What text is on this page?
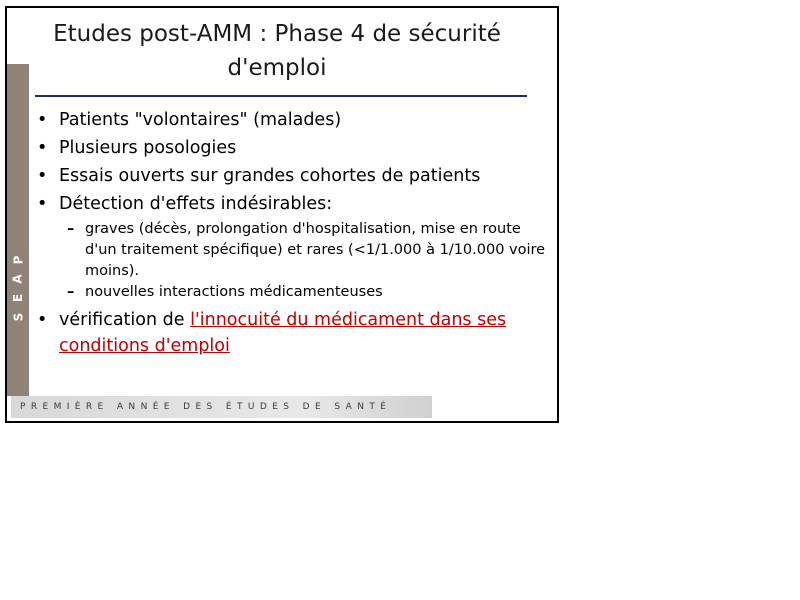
P
A
E
S
Etudes post-AMM : Phase 4 de sécurité
d'emploi
• Patients "volontaires" (malades)
• Plusieurs posologies
• Essais ouverts sur grandes cohortes de patients
• Détection d'effets indésirables:
– graves (décès, prolongation d'hospitalisation, mise en route d'un traitement spécifique) et rares (<1/1.000 à 1/10.000 voire moins).
– nouvelles interactions médicamenteuses
• vérification de l'innocuité du médicament dans ses conditions d'emploi
PREMIÈRE ANNÉE DES ÉTUDES DE SANTÉ
